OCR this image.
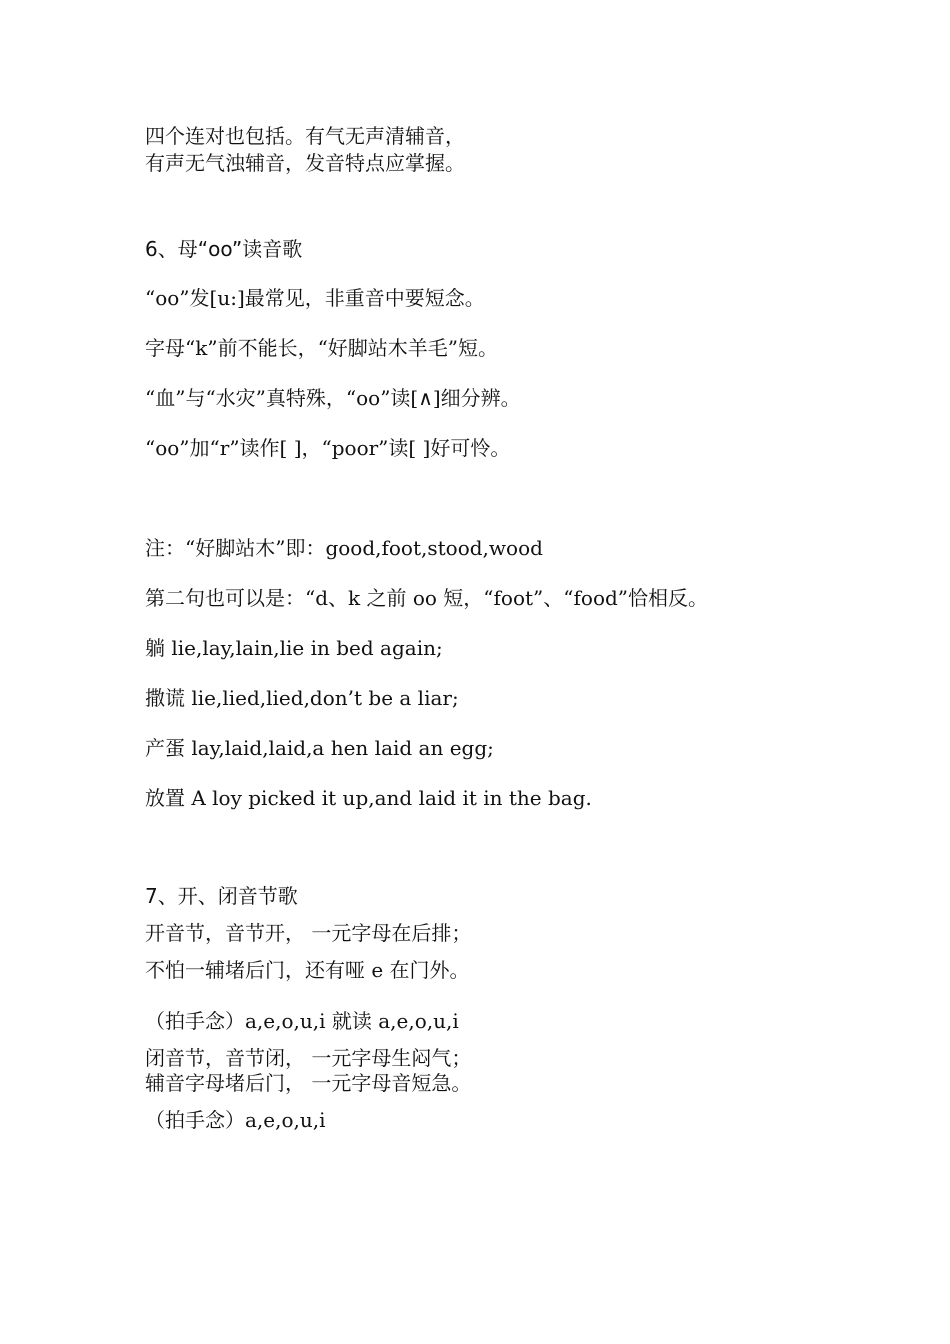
四个连对也包括。有气无声清辅音，

有声无气浊辅音，发音特点应掌握。

6、母“oo”读音歌

“oo”发[u:]最常见，非重音中要短念。

字母“k”前不能长，“好脚站木羊毛”短。

“血”与“水灾”真特殊，“oo”读[∧]细分辨。

“oo”加“r”读作[ ]，“poor”读[ ]好可怜。

注：“好脚站木”即：good,foot,stood,wood

第二句也可以是：“d、k 之前 oo 短，“foot”、“food”恰相反。

躺 lie,lay,lain,lie in bed again;

撒谎 lie,lied,lied,don’t be a liar;

产蛋 lay,laid,laid,a hen laid an egg;

放置 A loy picked it up,and laid it in the bag.

7、开、闭音节歌

开音节，音节开， 一元字母在后排；

不怕一辅堵后门，还有哑 e 在门外。

（拍手念）a,e,o,u,i 就读 a,e,o,u,i

闭音节，音节闭， 一元字母生闷气；

辅音字母堵后门， 一元字母音短急。

（拍手念）a,e,o,u,i
